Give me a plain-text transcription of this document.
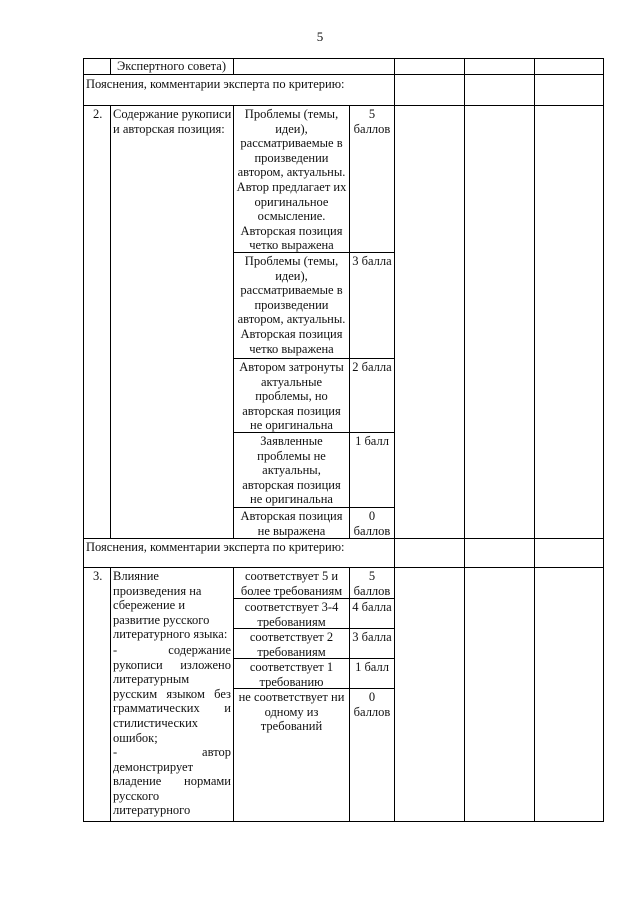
5
Экспертного совета)
Пояснения, комментарии эксперта по критерию:
2. Содержание рукописи и авторская позиция:
Проблемы (темы, идеи), рассматриваемые в произведении автором, актуальны. Автор предлагает их оригинальное осмысление. Авторская позиция четко выражена
5 баллов
Проблемы (темы, идеи), рассматриваемые в произведении автором, актуальны. Авторская позиция четко выражена
3 балла
Автором затронуты актуальные проблемы, но авторская позиция не оригинальна
2 балла
Заявленные проблемы не актуальны, авторская позиция не оригинальна
1 балл
Авторская позиция не выражена
0 баллов
Пояснения, комментарии эксперта по критерию:
3. Влияние произведения на сбережение и развитие русского литературного языка:
- содержание рукописи изложено литературным русским языком без грамматических и стилистических ошибок;
- автор демонстрирует владение нормами русского литературного
соответствует 5 и более требованиям
5 баллов
соответствует 3-4 требованиям
4 балла
соответствует 2 требованиям
3 балла
соответствует 1 требованию
1 балл
не соответствует ни одному из требований
0 баллов
